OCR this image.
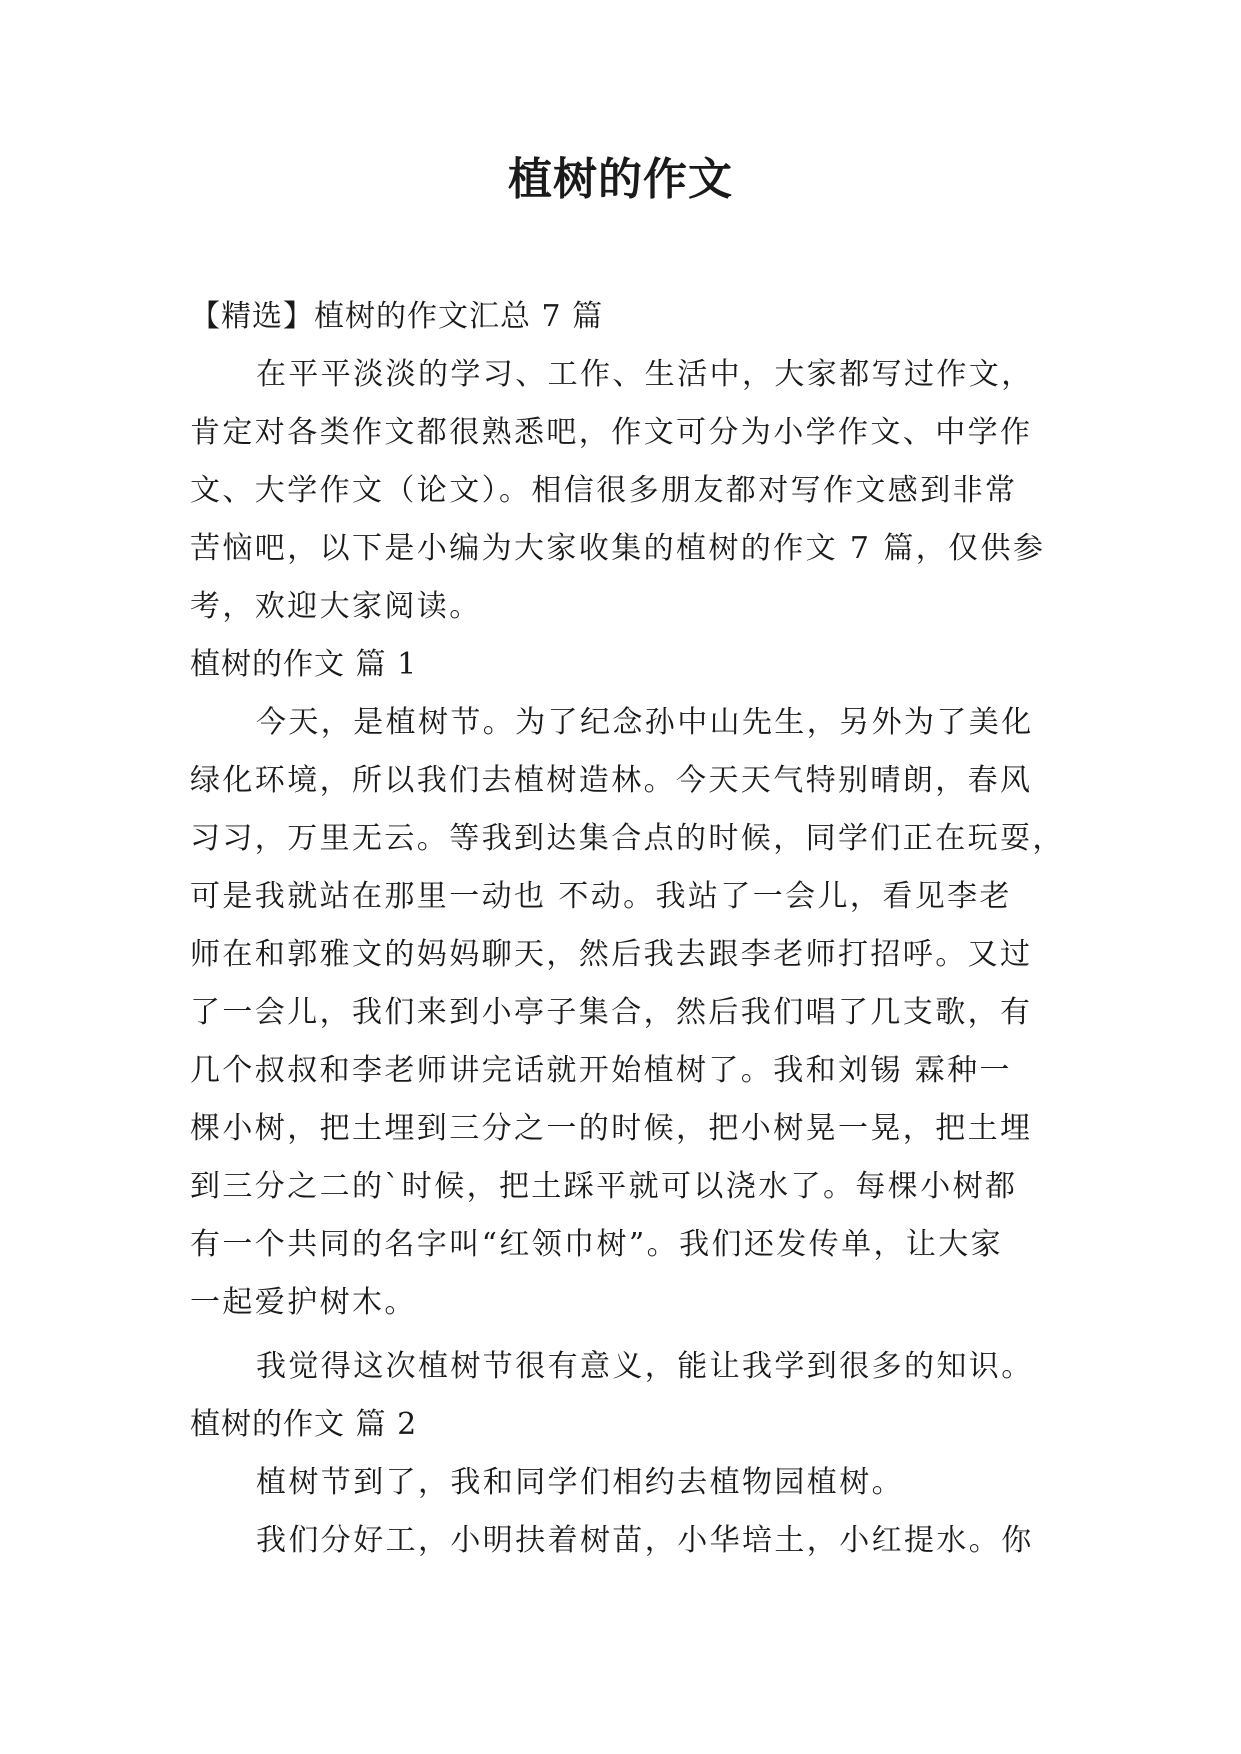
植树的作文
【精选】植树的作文汇总 7 篇
在平平淡淡的学习、工作、生活中，大家都写过作文，
肯定对各类作文都很熟悉吧，作文可分为小学作文、中学作
文、大学作文（论文）。相信很多朋友都对写作文感到非常
苦恼吧，以下是小编为大家收集的植树的作文 7 篇，仅供参
考，欢迎大家阅读。
植树的作文 篇 1
今天，是植树节。为了纪念孙中山先生，另外为了美化
绿化环境，所以我们去植树造林。今天天气特别晴朗，春风
习习，万里无云。等我到达集合点的时候，同学们正在玩耍，
可是我就站在那里一动也 不动。我站了一会儿，看见李老
师在和郭雅文的妈妈聊天，然后我去跟李老师打招呼。又过
了一会儿，我们来到小亭子集合，然后我们唱了几支歌，有
几个叔叔和李老师讲完话就开始植树了。我和刘锡 霖种一
棵小树，把土埋到三分之一的时候，把小树晃一晃，把土埋
到三分之二的`时候，把土踩平就可以浇水了。每棵小树都
有一个共同的名字叫“红领巾树”。我们还发传单，让大家
一起爱护树木。
我觉得这次植树节很有意义，能让我学到很多的知识。
植树的作文 篇 2
植树节到了，我和同学们相约去植物园植树。
我们分好工，小明扶着树苗，小华培土，小红提水。你
